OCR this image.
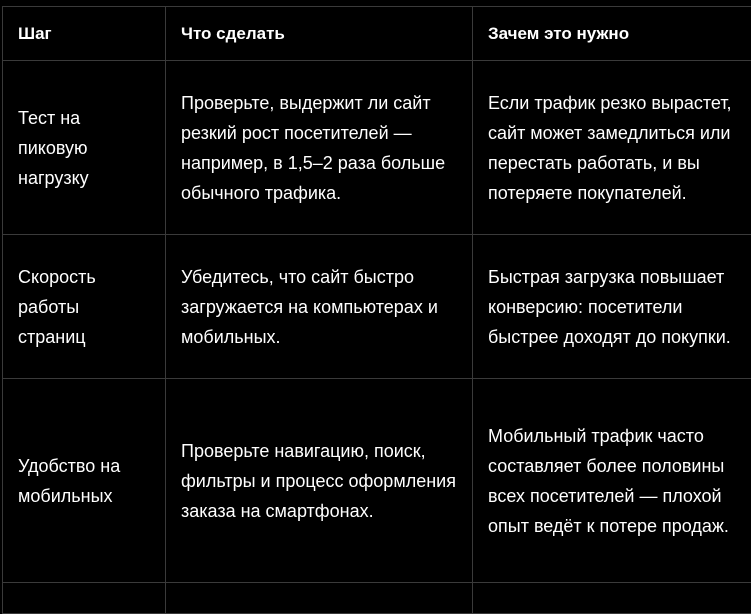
Шаг	Что сделать	Зачем это нужно
Тест на пиковую нагрузку	Проверьте, выдержит ли сайт резкий рост посетителей — например, в 1,5–2 раза больше обычного трафика.	Если трафик резко вырастет, сайт может замедлиться или перестать работать, и вы потеряете покупателей.
Скорость работы страниц	Убедитесь, что сайт быстро загружается на компьютерах и мобильных.	Быстрая загрузка повышает конверсию: посетители быстрее доходят до покупки.
Удобство на мобильных	Проверьте навигацию, поиск, фильтры и процесс оформления заказа на смартфонах.	Мобильный трафик часто составляет более половины всех посетителей — плохой опыт ведёт к потере продаж.
